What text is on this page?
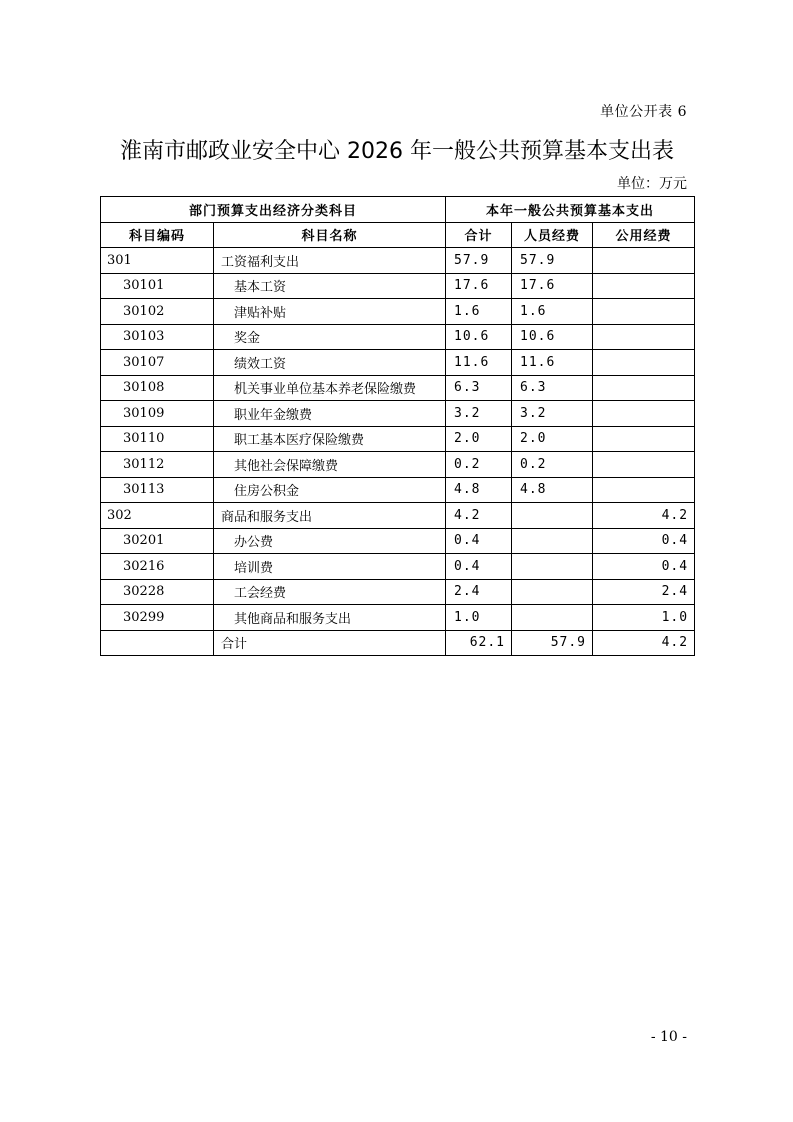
单位公开表 6
淮南市邮政业安全中心 2026 年一般公共预算基本支出表
单位：万元
部门预算支出经济分类科目		本年一般公共预算基本支出		
科目编码	科目名称	合计	人员经费	公用经费
301	工资福利支出	57.9	57.9	
30101	基本工资	17.6	17.6	
30102	津贴补贴	1.6	1.6	
30103	奖金	10.6	10.6	
30107	绩效工资	11.6	11.6	
30108	机关事业单位基本养老保险缴费	6.3	6.3	
30109	职业年金缴费	3.2	3.2	
30110	职工基本医疗保险缴费	2.0	2.0	
30112	其他社会保障缴费	0.2	0.2	
30113	住房公积金	4.8	4.8	
302	商品和服务支出	4.2		4.2
30201	办公费	0.4		0.4
30216	培训费	0.4		0.4
30228	工会经费	2.4		2.4
30299	其他商品和服务支出	1.0		1.0
	合计	62.1	57.9	4.2
- 10 -
